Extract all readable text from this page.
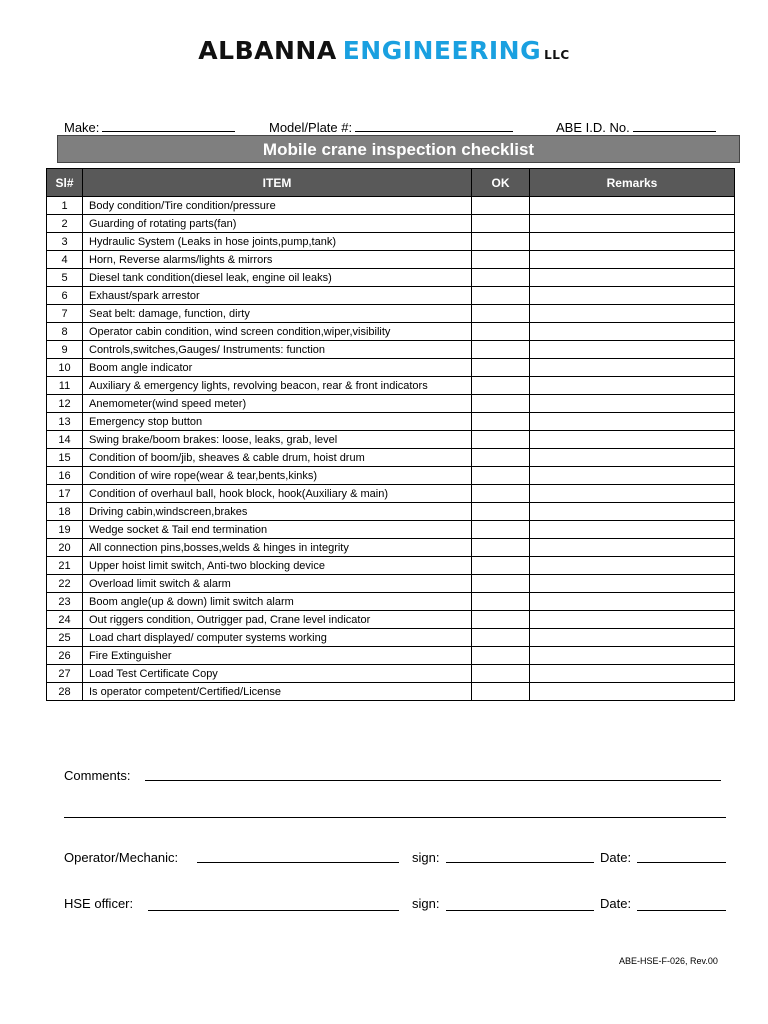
ALBANNA ENGINEERING LLC
Make:	Model/Plate #:	ABE I.D. No.
Mobile crane inspection checklist
Sl#	ITEM	OK	Remarks
1	Body condition/Tire condition/pressure		
2	Guarding of rotating parts(fan)		
3	Hydraulic System (Leaks in hose joints,pump,tank)		
4	Horn, Reverse alarms/lights & mirrors		
5	Diesel tank condition(diesel leak, engine oil leaks)		
6	Exhaust/spark arrestor		
7	Seat belt: damage, function, dirty		
8	Operator cabin condition, wind screen condition,wiper,visibility		
9	Controls,switches,Gauges/ Instruments: function		
10	Boom angle indicator		
11	Auxiliary & emergency lights, revolving beacon, rear & front indicators		
12	Anemometer(wind speed meter)		
13	Emergency stop button		
14	Swing brake/boom brakes: loose, leaks, grab, level		
15	Condition of boom/jib, sheaves & cable drum, hoist drum		
16	Condition of wire rope(wear & tear,bents,kinks)		
17	Condition of overhaul ball, hook block, hook(Auxiliary & main)		
18	Driving cabin,windscreen,brakes		
19	Wedge socket & Tail end termination		
20	All connection pins,bosses,welds & hinges in integrity		
21	Upper hoist limit switch, Anti-two blocking device		
22	Overload limit switch & alarm		
23	Boom angle(up & down) limit switch alarm		
24	Out riggers condition, Outrigger pad, Crane level indicator		
25	Load chart displayed/ computer systems working		
26	Fire Extinguisher		
27	Load Test Certificate Copy		
28	Is operator competent/Certified/License		
Comments:
Operator/Mechanic:	sign:	Date:
HSE officer:	sign:	Date:
ABE-HSE-F-026, Rev.00
